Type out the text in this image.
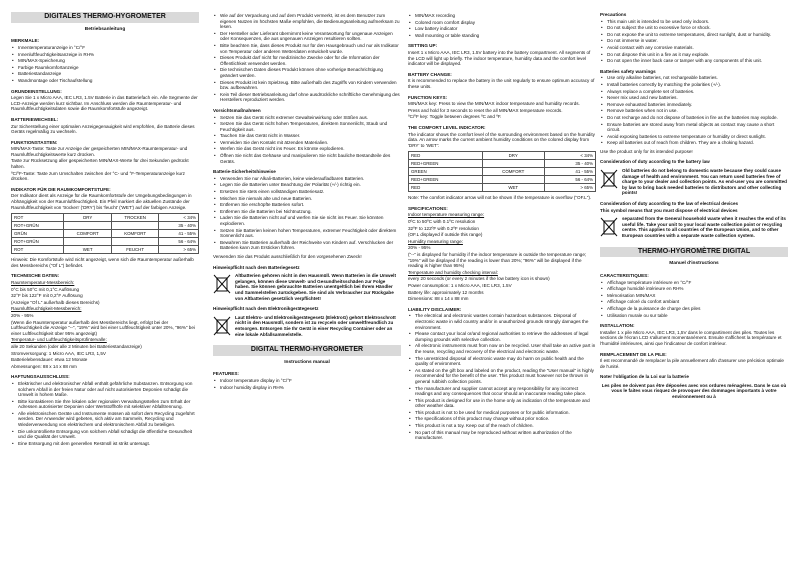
DIGITALES THERMO-HYGROMETER
Betriebsanleitung
MERKMALE:
• Innentemperaturanzeige in °C/°F
• Innenluftfeuchtigkeitsanzeige in RH%
• MIN/MAX-Speicherung
• Farbige Raumkomfortanzeige
• Batteriestandanzeige
• Wandmontage oder Tischaufstellung
GRUNDEINSTELLUNG:
Legen Sie 1 x Micro AAA, IEC LR3, 1.5V Batterie in das Batteriefach ein. Alle Segmente der LCD-Anzeige werden kurz sichtbar. Im Anschluss werden die Raumtemperatur- und Raumluftfeuchtigkeitsdaten sowie die Raumkomfortstufe angezeigt.
BATTERIEWECHSEL:
Zur Sicherstellung einer optimalen Anzeigegenauigkeit wird empfohlen, die Batterie dieses Geräts regelmäßig zu wechseln.
FUNKTIONSTASTEN:
MIN/MAX-Taste: Taste zur Anzeige der gespeicherten MIN/MAX-Raumtemperatur- und Raumluftfeuchtigkeitswerte kurz drücken.
Taste zur Rücksetzung aller gespeicherten MIN/MAX-Werte für drei Sekunden gedrückt halten.
ºC/ºF-Taste: Taste zum Umschalten zwischen der °C- und °F-Temperaturanzeige kurz drücken.
INDIKATOR FÜR DIE RAUMKOMFORTSTUFE:
Der Indikator dient als Anzeige für die Raumkomfortstufe der Umgebungsbedingungen in Abhängigkeit von der Raumluftfeuchtigkeit. Ein Pfeil markiert die aktuellen Zustände der Raumluftfeuchtigkeit von 'trocken' ('DRY') bis 'feucht' ('WET') auf der farbigen Anzeige.
ROT	DRY	TROCKEN	< 34%
ROT+GRÜN			35 - 40%
GRÜN	COMFORT	KOMFORT	41 - 55%
ROT+GRÜN			56 - 64%
ROT	WET	FEUCHT	> 65%
Hinweis: Die Komfortstufe wird nicht angezeigt, wenn sich die Raumtemperatur außerhalb des Messbereichs ("Of L") befindet.
TECHNISCHE DATEN:
Raumtemperatur-Messbereich:
0°C bis 50°C mit 0,1°C Auflösung
32°F bis 122°F mit 0,2°F Auflösung
(Anzeige "Of L" außerhalb dieses Bereichs)
Raumluftfeuchtigkeit-Messbereich:
20% - 95%
(Wenn die Raumtemperatur außerhalb des Messbereichs liegt, erfolgt bei der Luftfeuchtigkeit die Anzeige "--", "19%" wird bei einer Luftfeuchtigkeit unter 20%, "96%" bei einer Luftfeuchtigkeit über 95% angezeigt)
Temperatur- und Luftfeuchtigkeitsprüfintervalle:
alle 20 Sekunden (oder alle 2 Minuten bei Batteriestandanzeige)
Stromversorgung: 1 Micro AAA, IEC LR3, 1,5V
Batterielebensdauer: etwa 12 Monate
Abmessungen: 88 x 14 x 88 mm
HAFTUNGSAUSSCHLUSS:
• Elektrischer und elektronischer Abfall enthält gefährliche Substanzen. Entsorgung von solchem Abfall in der freien Natur oder auf nicht autorisierten Deponien schädigt die Umwelt in hohem Maße.
• Bitte kontaktieren Sie Ihre lokalen oder regionalen Verwaltungsstellen zum Erhalt der Adressen autorisierter Deponien oder Wertstoffhöfe mit selektiver Abfalltrennung.
• Alle elektronischen Geräte und Instrumente müssen ab sofort dem Recycling zugeführt werden. Der Anwender wird gebeten, sich aktiv am Sammeln, Recycling und Wiederverwendung von elektrischem und elektronischem Abfall zu beteiligen.
• Die unkontrollierte Entsorgung von solchem Abfall schädigt die öffentliche Gesundheit und die Qualität der Umwelt.
• Eine Entsorgung mit dem generellen Restmüll ist strikt untersagt.
• Wie auf der Verpackung und auf dem Produkt vermerkt, ist es dem Benutzer zum eigenen Nutzen im höchsten Maße empfohlen, die Bedienungsanleitung aufmerksam zu lesen.
• Der Hersteller oder Lieferant übernimmt keine Verantwortung für ungenaue Anzeigen oder Konsequenzen, die aus ungenauen Anzeigen resultieren sollten.
• Bitte beachten Sie, dass dieses Produkt nur für den Hausgebrauch und nur als Indikator von Temperatur oder anderen Wetterdaten entwickelt wurde.
• Dieses Produkt darf nicht für medizinische Zwecke oder für die Information der Öffentlichkeit verwendet werden.
• Die technischen Daten dieses Produkt können ohne vorherige Benachrichtigung geändert werden.
• Dieses Produkt ist kein Spielzeug. Bitte außerhalb des Zugriffs von Kindern verwenden bzw. aufbewahren.
• Kein Teil dieser Betriebsanleitung darf ohne ausdrückliche schriftliche Genehmigung des Herstellers reproduziert werden.
Vorsichtsmaßnahmen
• Setzen Sie das Gerät nicht extremer Gewalteinwirkung oder Stößen aus.
• Setzen Sie das Gerät nicht hohen Temperaturen, direktem Sonnenlicht, Staub und Feuchtigkeit aus.
• Tauchen Sie das Gerät nicht in Wasser.
• Vermeiden Sie den Kontakt mit ätzenden Materialien.
• Werfen Sie das Gerät nicht ins Feuer. Es könnte explodieren.
• Öffnen Sie nicht das Gehäuse und manipulieren Sie nicht bauliche Bestandteile des Geräts.
Batterie-Sicherheitshinweise
• Verwenden Sie nur Alkali-Batterien, keine wiederaufladbaren Batterien.
• Legen Sie die Batterien unter Beachtung der Polarität (+/-) richtig ein.
• Ersetzen Sie stets einen vollständigen Batteriesatz.
• Mischen Sie niemals alte und neue Batterien.
• Entfernen Sie erschöpfte Batterien sofort.
• Entfernen Sie die Batterien bei Nichtnutzung.
• Laden Sie die Batterien nicht auf und werfen Sie sie nicht ins Feuer. Sie könnten explodieren.
• Setzen Sie Batterien keinen hohen Temperaturen, extremer Feuchtigkeit oder direktem Sonnenlicht aus.
• Bewahren Sie Batterien außerhalb der Reichweite von Kindern auf. Verschlucken der Batterien kann zum Ersticken führen.
Verwenden Sie das Produkt ausschließlich für den vorgesehenen Zweck!
Hinweispflicht nach dem Batteriegesetz
Altbatterien gehören nicht in den Hausmüll. Wenn Batterien in die Umwelt gelangen, können diese Umwelt- und Gesundheitsschäden zur Folge haben. Sie können gebrauchte Batterien unentgeltlich bei Ihrem Händler und Sammelstellen zurückgeben. Sie sind als Verbraucher zur Rückgabe von Altbatterien gesetzlich verpflichtet!
Hinweispflicht nach dem Elektronikgerätegesetz
Laut Elektro- und Elektronikgerätegesetz (ElektroG) gehört Elektroschrott nicht in den Hausmüll, sondern ist zu recyceln oder umweltfreundlich zu entsorgen. Entsorgen Sie Ihr Gerät in einer Recycling Container oder an eine lokale Abfallsammelstelle.
DIGITAL THERMO-HYGROMETER
Instructions manual
FEATURES:
• Indoor temperature display in °C/°F
• Indoor humidity display in RH%
• MIN/MAX recording
• Colored room comfort display
• Low battery indicator
• Wall mounting or table standing
SETTING UP:
Insert 1 x Micro AAA, IEC LR3, 1.5V battery into the battery compartment. All segments of the LCD will light up briefly. The indoor temperature, humidity data and the comfort level indicator will be displayed.
BATTERY CHANGE:
It is recommended to replace the battery in the unit regularly to ensure optimum accuracy of these units.
FUNCTION KEYS:
MIN/MAX key: Press to view the MIN/MAX indoor temperature and humidity records.
Press and hold for 3 seconds to reset the all MIN/MAX temperature records.
ºC/ºF key: Toggle between degrees ºC and ºF.
THE COMFORT LEVEL INDICATOR:
The indicator shows the comfort level of the surrounding environment based on the humidity data. An arrow marks the current ambient humidity conditions on the colored display from 'DRY' to 'WET':
RED	DRY	< 34%
RED+GREEN		35 - 40%
GREEN	COMFORT	41 - 55%
RED+GREEN		56 - 64%
RED	WET	> 65%
Note: The comfort indicator arrow will not be shown if the temperature is overflow ("OF.L").
SPECIFICATIONS:
Indoor temperature measuring range:
0ºC to 50ºC with 0.1ºC resolution
32ºF to 122ºF with 0.2ºF resolution
(OF.L displayed if outside this range)
Humidity measuring range:
20% - 95%
("--" is displayed for humidity if the indoor temperature is outside the temperature range; "19%" will be displayed if the reading is lower than 20%; "96%" will be displayed if the reading is higher than 95%)
Temperature and humidity checking interval:
every 20 seconds (or every 2 minutes if the low battery icon is shown)
Power consumption: 1 x Micro AAA, IEC LR3, 1.5V
Battery life: approximately 12 months
Dimensions: 88 x 14 x 88 mm
LIABILITY DISCLAIMER:
• The electrical and electronic wastes contain hazardous substances. Disposal of electronic waste in wild country and/or in unauthorized grounds strongly damages the environment.
• Please contact your local or/and regional authorities to retrieve the addresses of legal dumping grounds with selective collection.
• All electronic instruments must from now on be recycled. User shall take an active part in the reuse, recycling and recovery of the electrical and electronic waste.
• The unrestricted disposal of electronic waste may do harm on public health and the quality of environment.
• As stated on the gift box and labeled on the product, reading the "User manual" is highly recommended for the benefit of the user. This product must however not be thrown in general rubbish collection points.
• The manufacturer and supplier cannot accept any responsibility for any incorrect readings and any consequences that occur should an inaccurate reading take place.
• This product is designed for use in the home only as indication of the temperature and other weather data.
• This product is not to be used for medical purposes or for public information.
• The specifications of this product may change without prior notice.
• This product is not a toy. Keep out of the reach of children.
• No part of this manual may be reproduced without written authorization of the manufacturer.
Precautions
• This main unit is intended to be used only indoors.
• Do not subject the unit to excessive force or shock.
• Do not expose the unit to extreme temperatures, direct sunlight, dust or humidity.
• Do not immerse in water.
• Avoid contact with any corrosive materials.
• Do not dispose this unit in a fire as it may explode.
• Do not open the inner back case or tamper with any components of this unit.
Batteries safety warnings
• Use only alkaline batteries, not rechargeable batteries.
• Install batteries correctly by matching the polarities (+/-).
• Always replace a complete set of batteries.
• Never mix used and new batteries.
• Remove exhausted batteries immediately.
• Remove batteries when not in use.
• Do not recharge and do not dispose of batteries in fire as the batteries may explode.
• Ensure batteries are stored away from metal objects as contact may cause a short circuit.
• Avoid exposing batteries to extreme temperature or humidity or direct sunlight.
• Keep all batteries out of reach from children. They are a choking hazard.
Use the product only for its intended purpose!
Consideration of duty according to the battery law
Old batteries do not belong to domestic waste because they could cause damage of health and environment. You can return used batteries free of charge to your dealer and collection points. As end-user you are committed by law to bring back needed batteries to distributors and other collecting points!
Consideration of duty according to the law of electrical devices
This symbol means that you must dispose of electrical devices
separated from the General household waste when it reaches the end of its useful life. Take your unit to your local waste collection point or recycling centre. This applies to all countries of the European Union, and to other European countries with a separate waste collection system.
THERMO-HYGROMÈTRE DIGITAL
Manuel d'instructions
CARACTERISTIQUES:
• Affichage température intérieure en °C/°F
• Affichage humidité intérieure en RH%
• Mémorisation MIN/MAX
• Affichage coloré du confort ambiant
• Affichage de la puissance de charge des piles
• Utilisation murale ou sur table
INSTALLATION:
Installer 1 x pile Micro AAA, IEC LR3, 1,5V dans le compartiment des piles. Toutes les sections de l'écran LCD s'allument momentanément. Ensuite s'affichent la température et l'humidité intérieures, ainsi que l'indicateur de confort intérieur.
REMPLACEMENT DE LA PILE:
Il est recommandé de remplacer la pile annuellement afin d'assurer une précision optimale de l'unité.
Noter l'obligation de la Loi sur la batterie
Les piles ne doivent pas être déposées avec vos ordures ménagères. Dans le cas où vous le faites vous risquez de provoquer des dommages importants à votre environnement ou à
